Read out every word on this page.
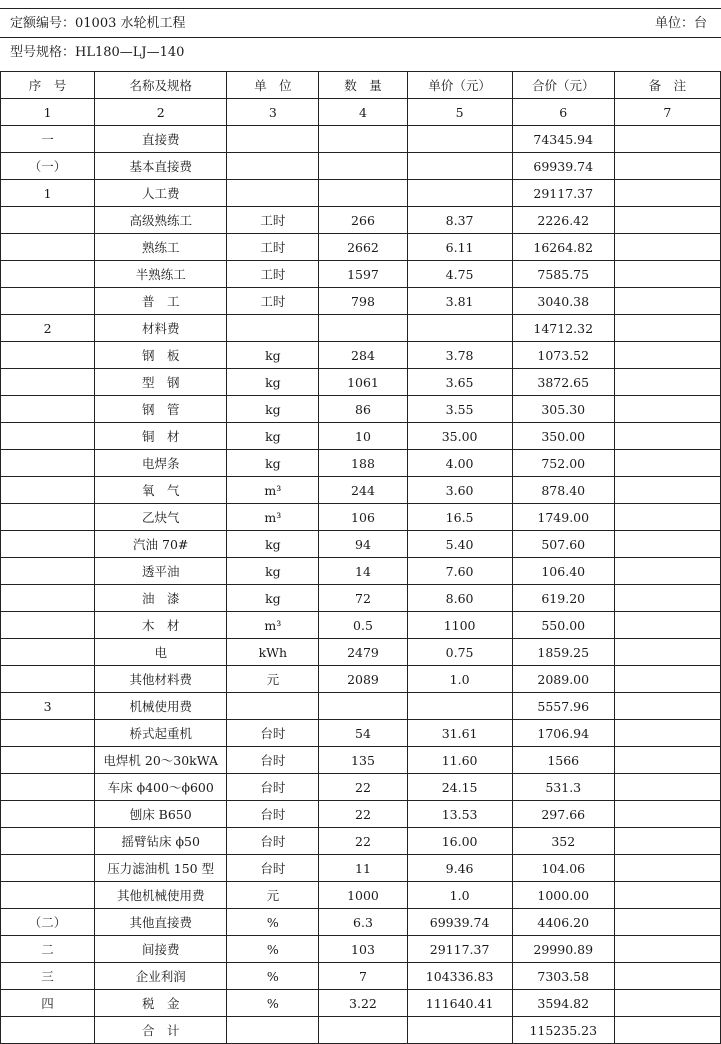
定额编号：01003 水轮机工程	单位：台
型号规格：HL180—LJ—140
序　号	名称及规格	单　位	数　量	单价（元）	合价（元）	备　注
1	2	3	4	5	6	7
一	直接费				74345.94	
（一）	基本直接费				69939.74	
1	人工费				29117.37	
	高级熟练工	工时	266	8.37	2226.42	
	熟练工	工时	2662	6.11	16264.82	
	半熟练工	工时	1597	4.75	7585.75	
	普　工	工时	798	3.81	3040.38	
2	材料费				14712.32	
	钢　板	kg	284	3.78	1073.52	
	型　钢	kg	1061	3.65	3872.65	
	钢　管	kg	86	3.55	305.30	
	铜　材	kg	10	35.00	350.00	
	电焊条	kg	188	4.00	752.00	
	氧　气	m³	244	3.60	878.40	
	乙炔气	m³	106	16.5	1749.00	
	汽油 70#	kg	94	5.40	507.60	
	透平油	kg	14	7.60	106.40	
	油　漆	kg	72	8.60	619.20	
	木　材	m³	0.5	1100	550.00	
	电	kWh	2479	0.75	1859.25	
	其他材料费	元	2089	1.0	2089.00	
3	机械使用费				5557.96	
	桥式起重机	台时	54	31.61	1706.94	
	电焊机 20～30kWA	台时	135	11.60	1566	
	车床 ϕ400～ϕ600	台时	22	24.15	531.3	
	刨床 B650	台时	22	13.53	297.66	
	摇臂钻床 ϕ50	台时	22	16.00	352	
	压力滤油机 150 型	台时	11	9.46	104.06	
	其他机械使用费	元	1000	1.0	1000.00	
（二）	其他直接费	%	6.3	69939.74	4406.20	
二	间接费	%	103	29117.37	29990.89	
三	企业利润	%	7	104336.83	7303.58	
四	税　金	%	3.22	111640.41	3594.82	
	合　计				115235.23	
